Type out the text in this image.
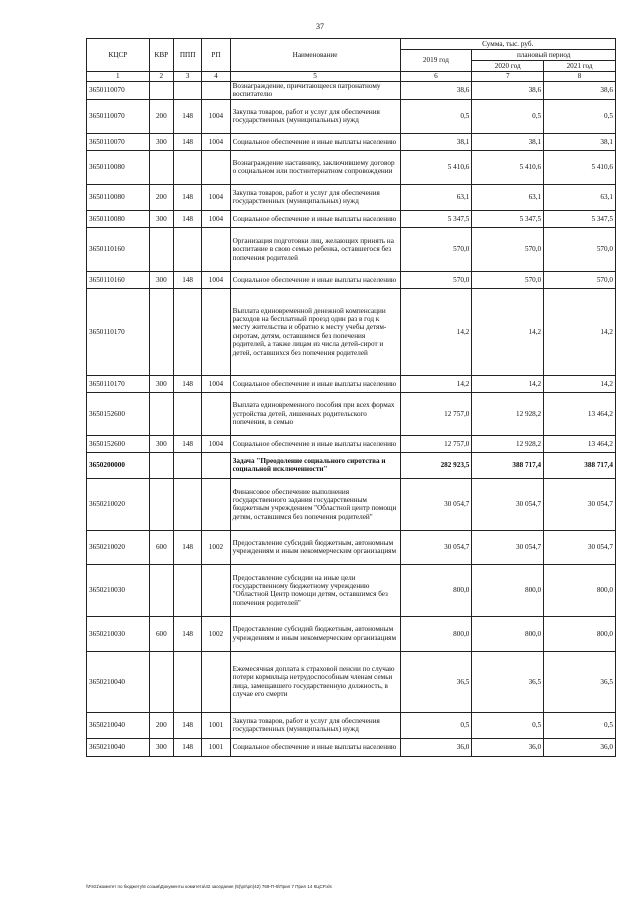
37
КЦСР	КВР	ППП	РП	Наименование	Сумма, тыс. руб.		
					2019 год	плановый период	
						2020 год	2021 год
1	2	3	4	5	6	7	8
3650110070				Вознаграждение, причитающееся патронатному воспитателю	38,6	38,6	38,6
3650110070	200	148	1004	Закупка товаров, работ и услуг для обеспечения государственных (муниципальных) нужд	0,5	0,5	0,5
3650110070	300	148	1004	Социальное обеспечение и иные выплаты населению	38,1	38,1	38,1
3650110080				Вознаграждение наставнику, заключившему договор о социальном или постинтернатном сопровождении	5 410,6	5 410,6	5 410,6
3650110080	200	148	1004	Закупка товаров, работ и услуг для обеспечения государственных (муниципальных) нужд	63,1	63,1	63,1
3650110080	300	148	1004	Социальное обеспечение и иные выплаты населению	5 347,5	5 347,5	5 347,5
3650110160				Организация подготовки лиц, желающих принять на воспитание в свою семью ребенка, оставшегося без попечения родителей	570,0	570,0	570,0
3650110160	300	148	1004	Социальное обеспечение и иные выплаты населению	570,0	570,0	570,0
3650110170				Выплата единовременной денежной компенсации расходов на бесплатный проезд один раз в год к месту жительства и обратно к месту учебы детям-сиротам, детям, оставшимся без попечения родителей, а также лицам из числа детей-сирот и детей, оставшихся без попечения родителей	14,2	14,2	14,2
3650110170	300	148	1004	Социальное обеспечение и иные выплаты населению	14,2	14,2	14,2
3650152600				Выплата единовременного пособия при всех формах устройства детей, лишенных родительского попечения, в семью	12 757,0	12 928,2	13 464,2
3650152600	300	148	1004	Социальное обеспечение и иные выплаты населению	12 757,0	12 928,2	13 464,2
3650200000				Задача "Преодоление социального сиротства и социальной исключенности"	282 923,5	388 717,4	388 717,4
3650210020				Финансовое обеспечение выполнения государственного задания государственным бюджетным учреждением "Областной центр помощи детям, оставшимся без попечения родителей"	30 054,7	30 054,7	30 054,7
3650210020	600	148	1002	Предоставление субсидий бюджетным, автономным учреждениям и иным некоммерческим организациям	30 054,7	30 054,7	30 054,7
3650210030				Предоставление субсидии на иные цели государственному бюджетному учреждению "Областной Центр помощи детям, оставшимся без попечения родителей"	800,0	800,0	800,0
3650210030	600	148	1002	Предоставление субсидий бюджетным, автономным учреждениям и иным некоммерческим организациям	800,0	800,0	800,0
3650210040				Ежемесячная доплата к страховой пенсии по случаю потери кормильца нетрудоспособным членам семьи лица, замещавшего государственную должность, в случае его смерти	36,5	36,5	36,5
3650210040	200	148	1001	Закупка товаров, работ и услуг для обеспечения государственных (муниципальных) нужд	0,5	0,5	0,5
3650210040	300	148	1001	Социальное обеспечение и иные выплаты населению	36,0	36,0	36,0
\\Fs01\комитет по бюджету\6 созыв\Документы комитета\42 заседание (5)\рп\рп(42) 769-П-6\Прил 7 Прил 14 КЦСР.xls
